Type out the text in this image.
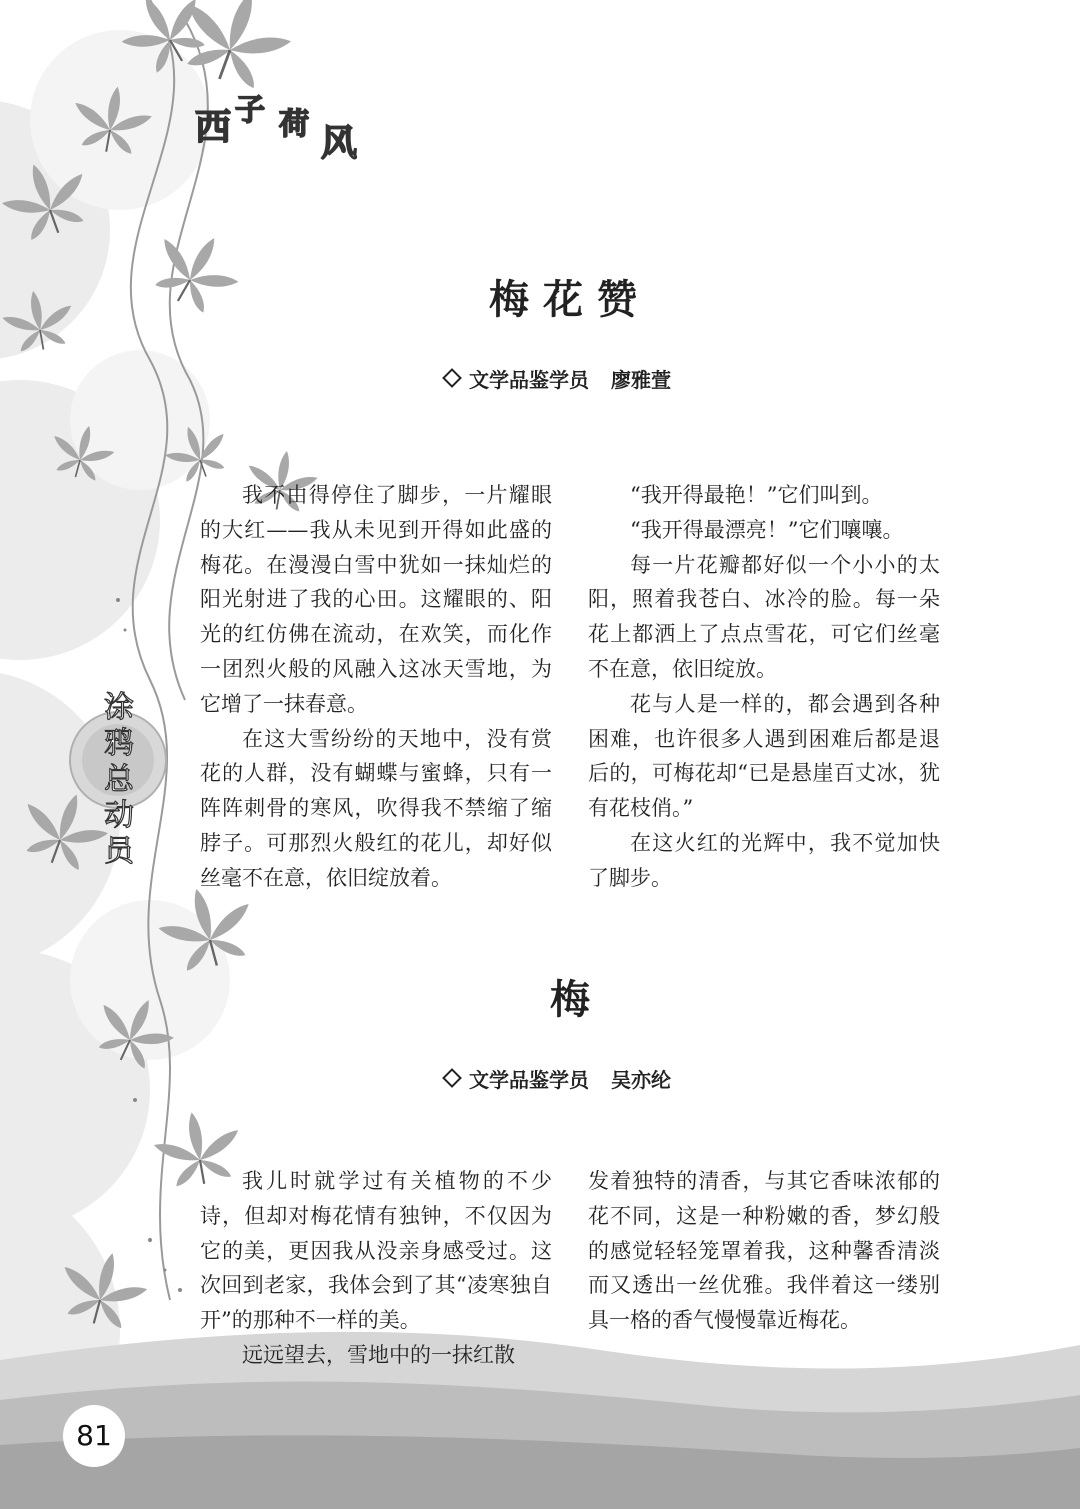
西 子 荷 风
涂
鸦
总
动
员
梅花赞
文学品鉴学员 廖雅萱

我不由得停住了脚步，一片耀眼的大红——我从未见到开得如此盛的梅花。在漫漫白雪中犹如一抹灿烂的阳光射进了我的心田。这耀眼的、阳光的红仿佛在流动，在欢笑，而化作一团烈火般的风融入这冰天雪地，为它增了一抹春意。

在这大雪纷纷的天地中，没有赏花的人群，没有蝴蝶与蜜蜂，只有一阵阵刺骨的寒风，吹得我不禁缩了缩脖子。可那烈火般红的花儿，却好似丝毫不在意，依旧绽放着。

“我开得最艳！”它们叫到。

“我开得最漂亮！”它们嚷嚷。

每一片花瓣都好似一个小小的太阳，照着我苍白、冰冷的脸。每一朵花上都洒上了点点雪花，可它们丝毫不在意，依旧绽放。

花与人是一样的，都会遇到各种困难，也许很多人遇到困难后都是退后的，可梅花却“已是悬崖百丈冰，犹有花枝俏。”

在这火红的光辉中，我不觉加快了脚步。

梅
文学品鉴学员 吴亦纶

我儿时就学过有关植物的不少诗，但却对梅花情有独钟，不仅因为它的美，更因我从没亲身感受过。这次回到老家，我体会到了其“凌寒独自开”的那种不一样的美。

远远望去，雪地中的一抹红散

发着独特的清香，与其它香味浓郁的花不同，这是一种粉嫩的香，梦幻般的感觉轻轻笼罩着我，这种馨香清淡而又透出一丝优雅。我伴着这一缕别具一格的香气慢慢靠近梅花。

81
